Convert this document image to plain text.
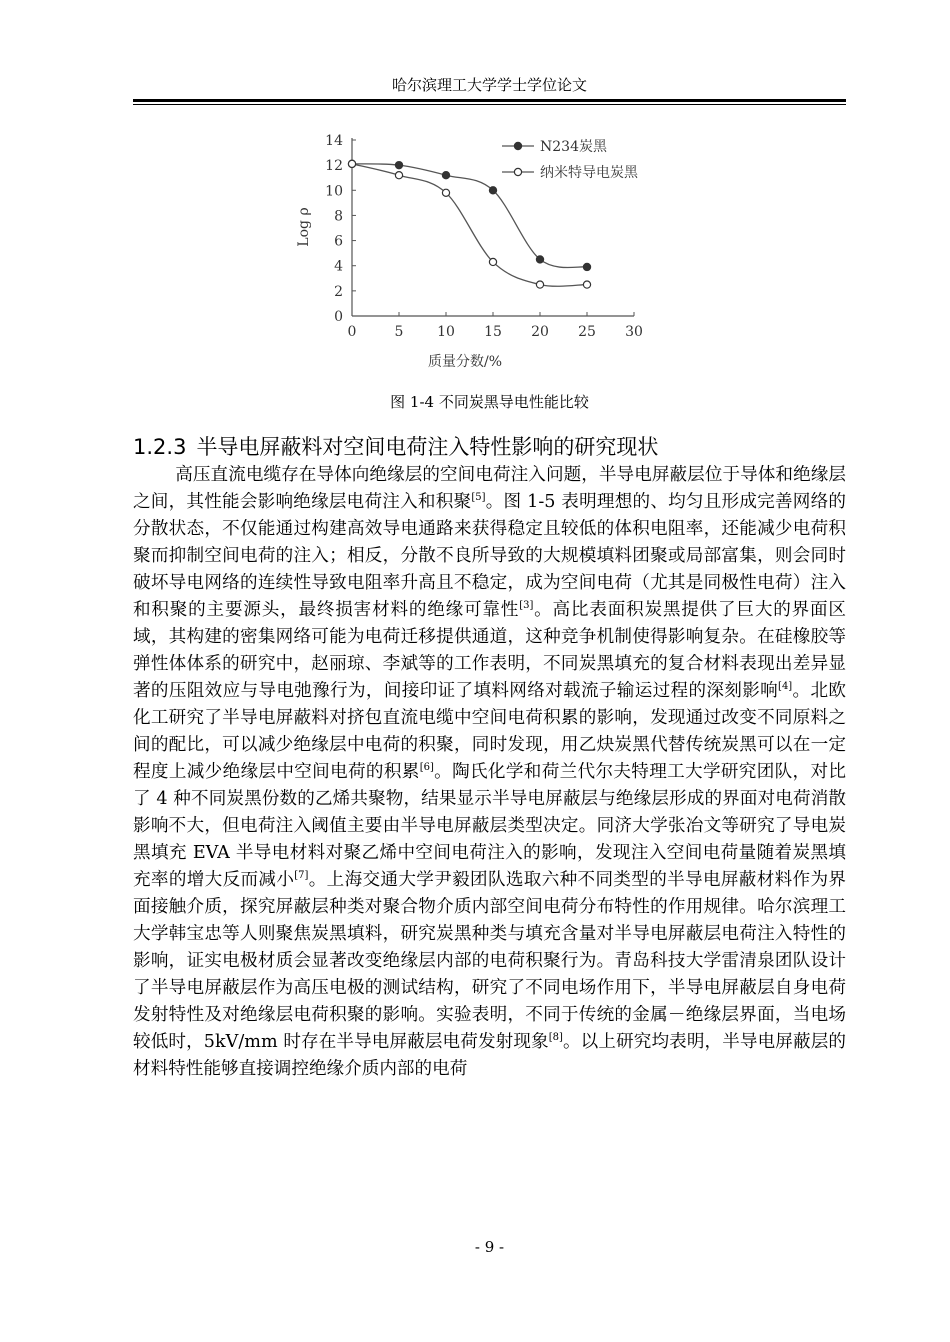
哈尔滨理工大学学士学位论文
0	5 10 15 20 25 30
0
2
4
6
8
10
12
14	N234炭黑
纳米特导电炭黑
质量分数/%
Log ρ
图 1-4 不同炭黑导电性能比较
1.2.3 半导电屏蔽料对空间电荷注入特性影响的研究现状

高压直流电缆存在导体向绝缘层的空间电荷注入问题，半导电屏蔽层位于导体和绝缘层之间，其性能会影响绝缘层电荷注入和积聚[5]。图 1-5 表明理想的、均匀且形成完善网络的分散状态，不仅能通过构建高效导电通路来获得稳定且较低的体积电阻率，还能减少电荷积聚而抑制空间电荷的注入；相反，分散不良所导致的大规模填料团聚或局部富集，则会同时破坏导电网络的连续性导致电阻率升高且不稳定，成为空间电荷（尤其是同极性电荷）注入和积聚的主要源头，最终损害材料的绝缘可靠性[3]。高比表面积炭黑提供了巨大的界面区域，其构建的密集网络可能为电荷迁移提供通道，这种竞争机制使得影响复杂。在硅橡胶等弹性体体系的研究中，赵丽琼、李斌等的工作表明，不同炭黑填充的复合材料表现出差异显著的压阻效应与导电弛豫行为，间接印证了填料网络对载流子输运过程的深刻影响[4]。北欧化工研究了半导电屏蔽料对挤包直流电缆中空间电荷积累的影响，发现通过改变不同原料之间的配比，可以减少绝缘层中电荷的积聚，同时发现，用乙炔炭黑代替传统炭黑可以在一定程度上减少绝缘层中空间电荷的积累[6]。陶氏化学和荷兰代尔夫特理工大学研究团队，对比了 4 种不同炭黑份数的乙烯共聚物，结果显示半导电屏蔽层与绝缘层形成的界面对电荷消散影响不大，但电荷注入阈值主要由半导电屏蔽层类型决定。同济大学张冶文等研究了导电炭黑填充 EVA 半导电材料对聚乙烯中空间电荷注入的影响，发现注入空间电荷量随着炭黑填充率的增大反而减小[7]。上海交通大学尹毅团队选取六种不同类型的半导电屏蔽材料作为界面接触介质，探究屏蔽层种类对聚合物介质内部空间电荷分布特性的作用规律。哈尔滨理工大学韩宝忠等人则聚焦炭黑填料，研究炭黑种类与填充含量对半导电屏蔽层电荷注入特性的影响，证实电极材质会显著改变绝缘层内部的电荷积聚行为。青岛科技大学雷清泉团队设计了半导电屏蔽层作为高压电极的测试结构，研究了不同电场作用下，半导电屏蔽层自身电荷发射特性及对绝缘层电荷积聚的影响。实验表明，不同于传统的金属－绝缘层界面，当电场较低时，5kV/mm 时存在半导电屏蔽层电荷发射现象[8]。以上研究均表明，半导电屏蔽层的材料特性能够直接调控绝缘介质内部的电荷

- 9 -
